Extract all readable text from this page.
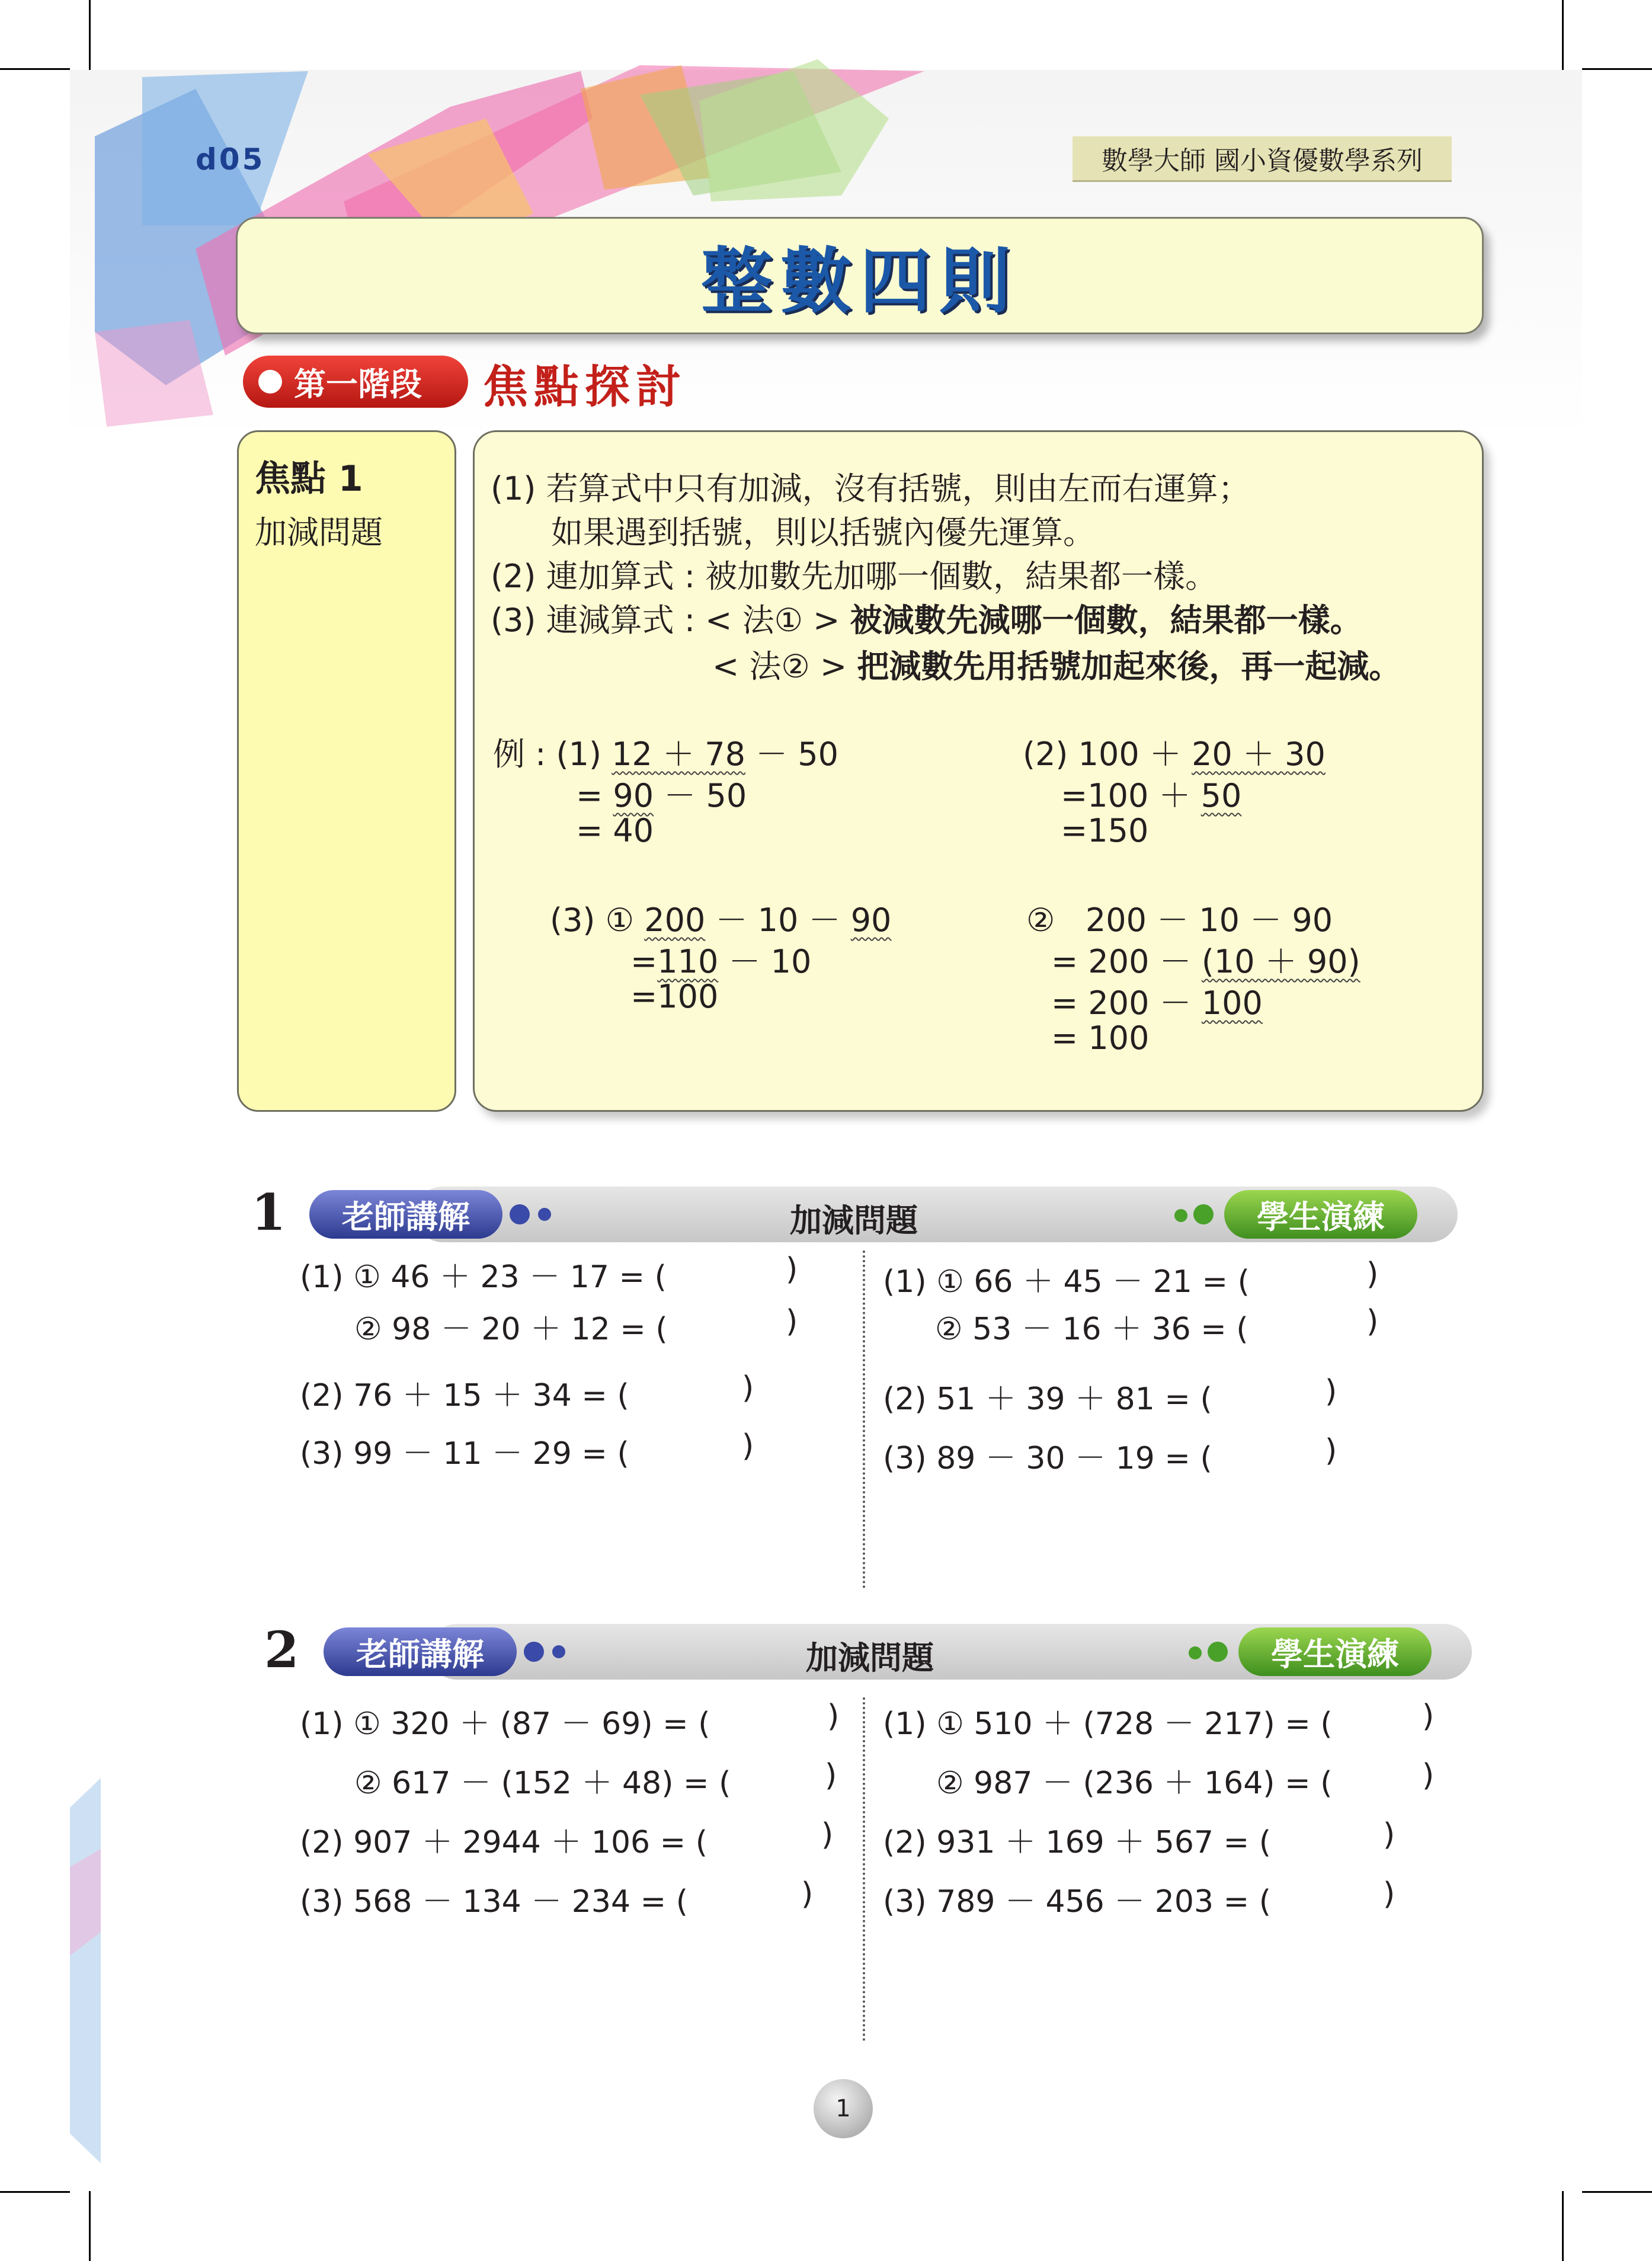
d05	數學大師 國小資優數學系列
整數四則
第一階段 焦點探討
焦點 1
加減問題
(1) 若算式中只有加減，沒有括號，則由左而右運算；
如果遇到括號，則以括號內優先運算。
(2) 連加算式 : 被加數先加哪一個數，結果都一樣。
(3) 連減算式 : < 法① > 被減數先減哪一個數，結果都一樣。
< 法② > 把減數先用括號加起來後，再一起減。
例 : (1) 12 ＋ 78 － 50
= 90 － 50
= 40
(2) 100 ＋ 20 ＋ 30
=100 ＋ 50
=150
(3) ① 200 － 10 － 90
=110 － 10
=100
②   200 － 10 － 90
= 200 － (10 ＋ 90)
= 200 － 100
= 100
1	加減問題
老師講解	學生演練
(1) ① 46 ＋ 23 － 17 = (	)
② 98 － 20 ＋ 12 = (	)
(2) 76 ＋ 15 ＋ 34 = (	)
(3) 99 － 11 － 29 = (	)
(1) ① 66 ＋ 45 － 21 = (	)
② 53 － 16 ＋ 36 = (	)
(2) 51 ＋ 39 ＋ 81 = (	)
(3) 89 － 30 － 19 = (	)
2	加減問題
老師講解	學生演練
(1) ① 320 ＋ (87 － 69) = (	)
② 617 － (152 ＋ 48) = (	)
(2) 907 ＋ 2944 ＋ 106 = (	)
(3) 568 － 134 － 234 = (	)
(1) ① 510 ＋ (728 － 217) = (	)
② 987 － (236 ＋ 164) = (	)
(2) 931 ＋ 169 ＋ 567 = (	)
(3) 789 － 456 － 203 = (	)
1
